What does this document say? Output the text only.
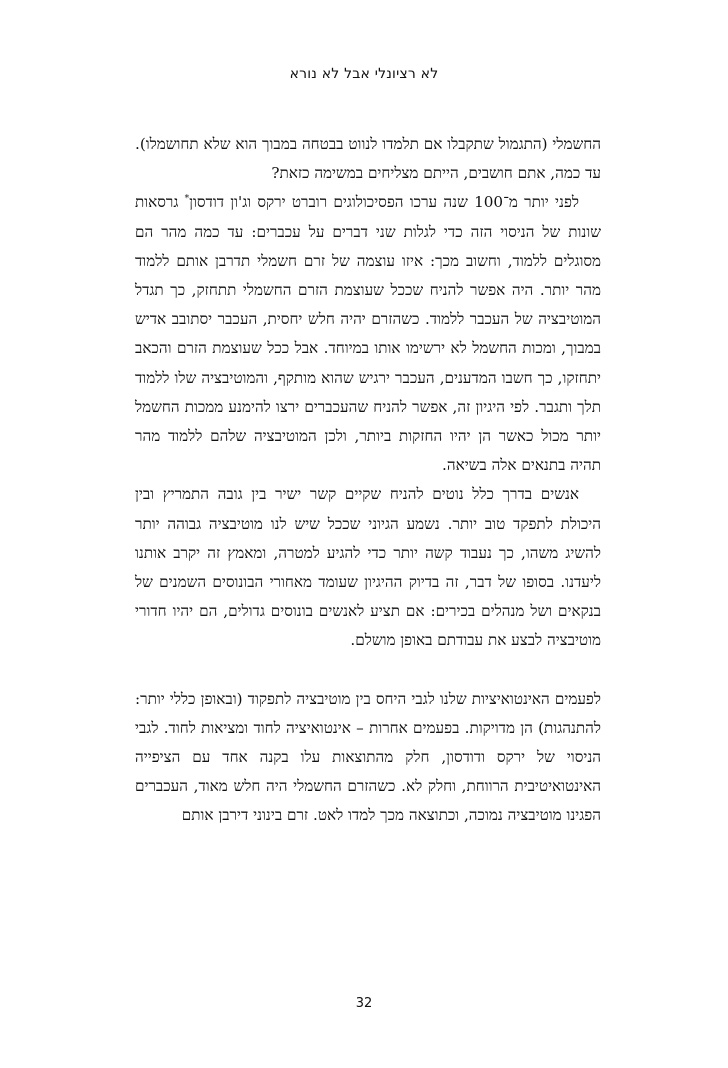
לא רציונלי אבל לא נורא

החשמלי (התגמול שתקבלו אם תלמדו לנווט בבטחה במבוך הוא שלא תחושמלו). עד כמה, אתם חושבים, הייתם מצליחים במשימה כזאת?

לפני יותר מ־100 שנה ערכו הפסיכולוגים רוברט ירקס וג'ון דודסון* גרסאות שונות של הניסוי הזה כדי לגלות שני דברים על עכברים: עד כמה מהר הם מסוגלים ללמוד, וחשוב מכך: איזו עוצמה של זרם חשמלי תדרבן אותם ללמוד מהר יותר. היה אפשר להניח שככל שעוצמת הזרם החשמלי תתחזק, כך תגדל המוטיבציה של העכבר ללמוד. כשהזרם יהיה חלש יחסית, העכבר יסתובב אדיש במבוך, ומכות החשמל לא ירשימו אותו במיוחד. אבל ככל שעוצמת הזרם והכאב יתחזקו, כך חשבו המדענים, העכבר ירגיש שהוא מותקף, והמוטיבציה שלו ללמוד תלך ותגבר. לפי היגיון זה, אפשר להניח שהעכברים ירצו להימנע ממכות החשמל יותר מכול כאשר הן יהיו החזקות ביותר, ולכן המוטיבציה שלהם ללמוד מהר תהיה בתנאים אלה בשיאה.

אנשים בדרך כלל נוטים להניח שקיים קשר ישיר בין גובה התמריץ ובין היכולת לתפקד טוב יותר. נשמע הגיוני שככל שיש לנו מוטיבציה גבוהה יותר להשיג משהו, כך נעבוד קשה יותר כדי להגיע למטרה, ומאמץ זה יקרב אותנו ליעדנו. בסופו של דבר, זה בדיוק ההיגיון שעומד מאחורי הבונוסים השמנים של בנקאים ושל מנהלים בכירים: אם תציע לאנשים בונוסים גדולים, הם יהיו חדורי מוטיבציה לבצע את עבודתם באופן מושלם.

לפעמים האינטואיציות שלנו לגבי היחס בין מוטיבציה לתפקוד (ובאופן כללי יותר: להתנהגות) הן מדויקות. בפעמים אחרות – אינטואיציה לחוד ומציאות לחוד. לגבי הניסוי של ירקס ודודסון, חלק מהתוצאות עלו בקנה אחד עם הציפייה האינטואיטיבית הרווחת, וחלק לא. כשהזרם החשמלי היה חלש מאוד, העכברים הפגינו מוטיבציה נמוכה, וכתוצאה מכך למדו לאט. זרם בינוני דירבן אותם

32
